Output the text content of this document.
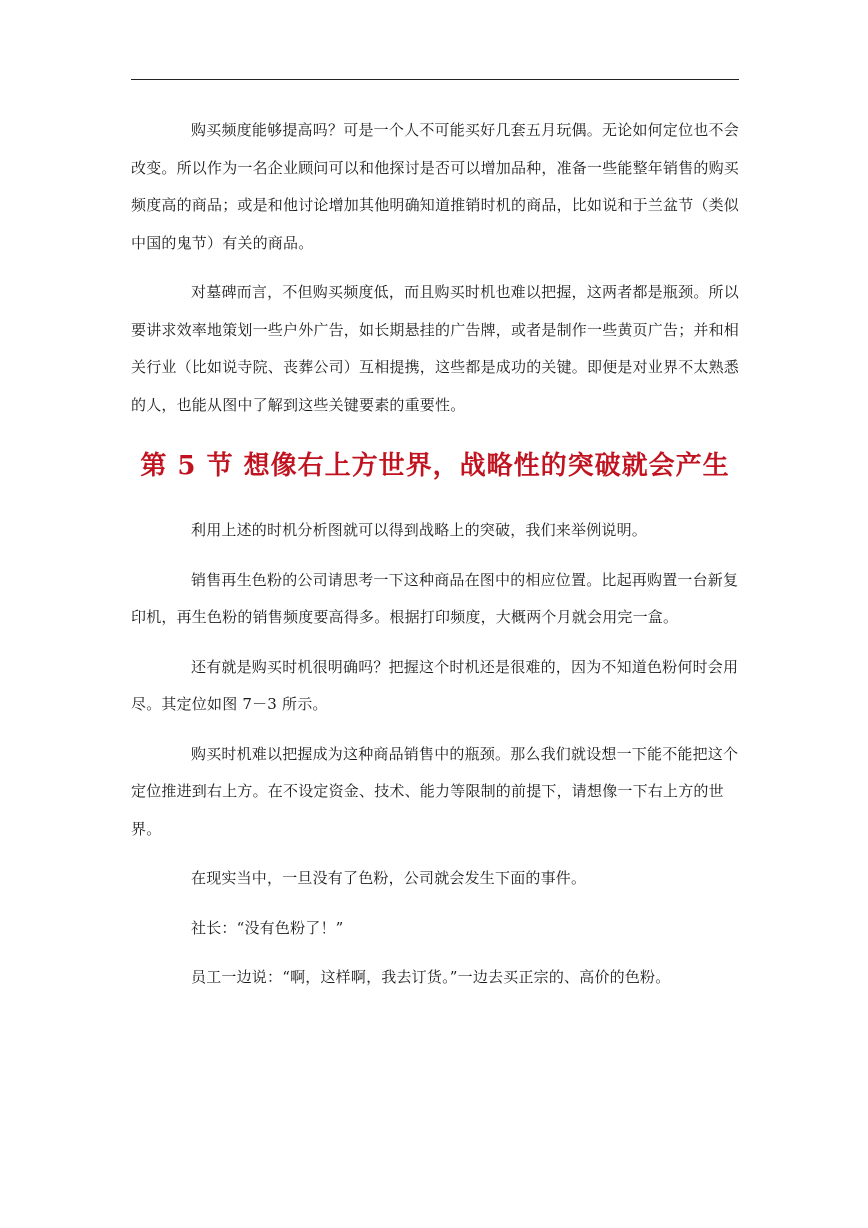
购买频度能够提高吗？可是一个人不可能买好几套五月玩偶。无论如何定位也不会改变。所以作为一名企业顾问可以和他探讨是否可以增加品种，准备一些能整年销售的购买频度高的商品；或是和他讨论增加其他明确知道推销时机的商品，比如说和于兰盆节（类似中国的鬼节）有关的商品。

对墓碑而言，不但购买频度低，而且购买时机也难以把握，这两者都是瓶颈。所以要讲求效率地策划一些户外广告，如长期悬挂的广告牌，或者是制作一些黄页广告；并和相关行业（比如说寺院、丧葬公司）互相提携，这些都是成功的关键。即便是对业界不太熟悉的人，也能从图中了解到这些关键要素的重要性。

第 5 节 想像右上方世界，战略性的突破就会产生

利用上述的时机分析图就可以得到战略上的突破，我们来举例说明。

销售再生色粉的公司请思考一下这种商品在图中的相应位置。比起再购置一台新复印机，再生色粉的销售频度要高得多。根据打印频度，大概两个月就会用完一盒。

还有就是购买时机很明确吗？把握这个时机还是很难的，因为不知道色粉何时会用尽。其定位如图 7－3 所示。

购买时机难以把握成为这种商品销售中的瓶颈。那么我们就设想一下能不能把这个定位推进到右上方。在不设定资金、技术、能力等限制的前提下，请想像一下右上方的世界。

在现实当中，一旦没有了色粉，公司就会发生下面的事件。

社长：“没有色粉了！”

员工一边说：“啊，这样啊，我去订货。”一边去买正宗的、高价的色粉。
